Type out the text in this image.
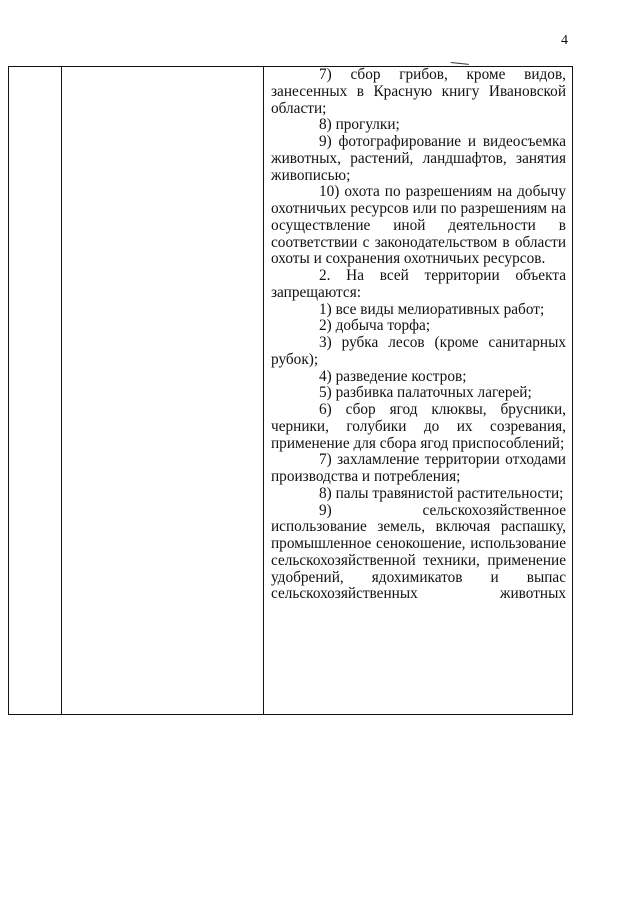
4
7) сбор грибов, кроме видов, занесенных в Красную книгу Ивановской области;
8) прогулки;
9) фотографирование и видеосъемка животных, растений, ландшафтов, занятия живописью;
10) охота по разрешениям на добычу охотничьих ресурсов или по разрешениям на осуществление иной деятельности в соответствии с законодательством в области охоты и сохранения охотничьих ресурсов.
2. На всей территории объекта запрещаются:
1) все виды мелиоративных работ;
2) добыча торфа;
3) рубка лесов (кроме санитарных рубок);
4) разведение костров;
5) разбивка палаточных лагерей;
6) сбор ягод клюквы, брусники, черники, голубики до их созревания, применение для сбора ягод приспособлений;
7) захламление территории отходами производства и потребления;
8) палы травянистой растительности;
9) сельскохозяйственное использование земель, включая распашку, промышленное сенокошение, использование сельскохозяйственной техники, применение удобрений, ядохимикатов и выпас сельскохозяйственных животных
